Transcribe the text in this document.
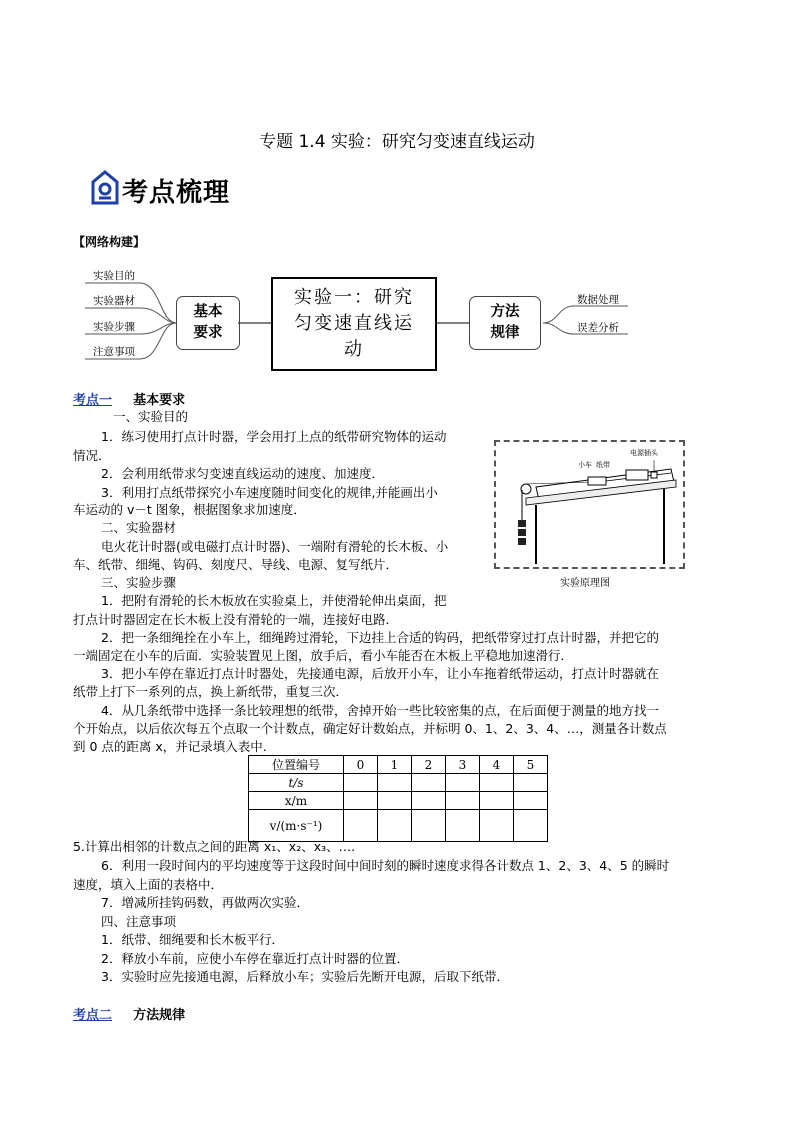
专题 1.4 实验：研究匀变速直线运动
考点梳理
【网络构建】
实验目的
实验器材
实验步骤
注意事项
基本
要求
实验一：研究
匀变速直线运
动
方法
规律
数据处理
误差分析
考点一 基本要求
一、实验目的
1．练习使用打点计时器，学会用打上点的纸带研究物体的运动
情况．
2．会利用纸带求匀变速直线运动的速度、加速度．
3．利用打点纸带探究小车速度随时间变化的规律,并能画出小
车运动的 v－t 图象，根据图象求加速度．
二、实验器材
电火花计时器(或电磁打点计时器)、一端附有滑轮的长木板、小
车、纸带、细绳、钩码、刻度尺、导线、电源、复写纸片．
三、实验步骤
1．把附有滑轮的长木板放在实验桌上，并使滑轮伸出桌面，把
打点计时器固定在长木板上没有滑轮的一端，连接好电路．
2．把一条细绳拴在小车上，细绳跨过滑轮，下边挂上合适的钩码，把纸带穿过打点计时器，并把它的
一端固定在小车的后面．实验装置见上图，放手后，看小车能否在木板上平稳地加速滑行．
3．把小车停在靠近打点计时器处，先接通电源，后放开小车，让小车拖着纸带运动，打点计时器就在
纸带上打下一系列的点，换上新纸带，重复三次．
4．从几条纸带中选择一条比较理想的纸带，舍掉开始一些比较密集的点，在后面便于测量的地方找一
个开始点，以后依次每五个点取一个计数点，确定好计数始点，并标明 0、1、2、3、4、…，测量各计数点
到 0 点的距离 x，并记录填入表中.
小车 纸带
电源插头
实验原理图
位置编号	0	1	2	3	4	5
t/s						
x/m						
v/(m·s⁻¹)						
5.计算出相邻的计数点之间的距离 x₁、x₂、x₃、….
6．利用一段时间内的平均速度等于这段时间中间时刻的瞬时速度求得各计数点 1、2、3、4、5 的瞬时
速度，填入上面的表格中．
7．增减所挂钩码数，再做两次实验．
四、注意事项
1．纸带、细绳要和长木板平行．
2．释放小车前，应使小车停在靠近打点计时器的位置．
3．实验时应先接通电源，后释放小车；实验后先断开电源，后取下纸带．
考点二 方法规律
